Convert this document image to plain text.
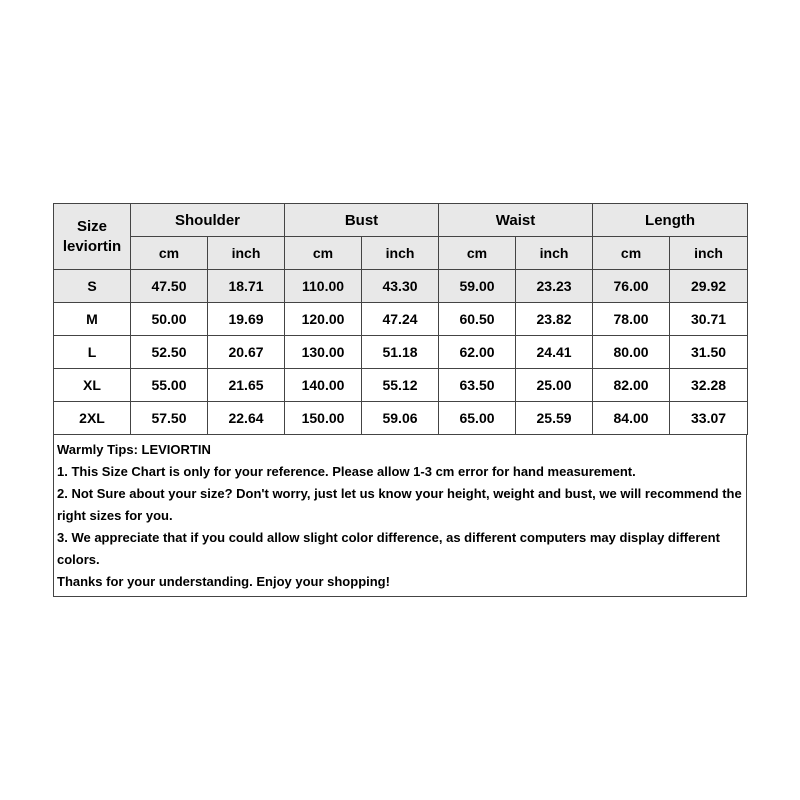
Size
leviortin	Shoulder		Bust		Waist		Length	
	cm	inch	cm	inch	cm	inch	cm	inch
S	47.50	18.71	110.00	43.30	59.00	23.23	76.00	29.92
M	50.00	19.69	120.00	47.24	60.50	23.82	78.00	30.71
L	52.50	20.67	130.00	51.18	62.00	24.41	80.00	31.50
XL	55.00	21.65	140.00	55.12	63.50	25.00	82.00	32.28
2XL	57.50	22.64	150.00	59.06	65.00	25.59	84.00	33.07
Warmly Tips: LEVIORTIN
1. This Size Chart is only for your reference. Please allow 1-3 cm error for hand measurement.
2. Not Sure about your size? Don't worry, just let us know your height, weight and bust, we will recommend the right sizes for you.
3. We appreciate that if you could allow slight color difference, as different computers may display different colors.
Thanks for your understanding. Enjoy your shopping!
